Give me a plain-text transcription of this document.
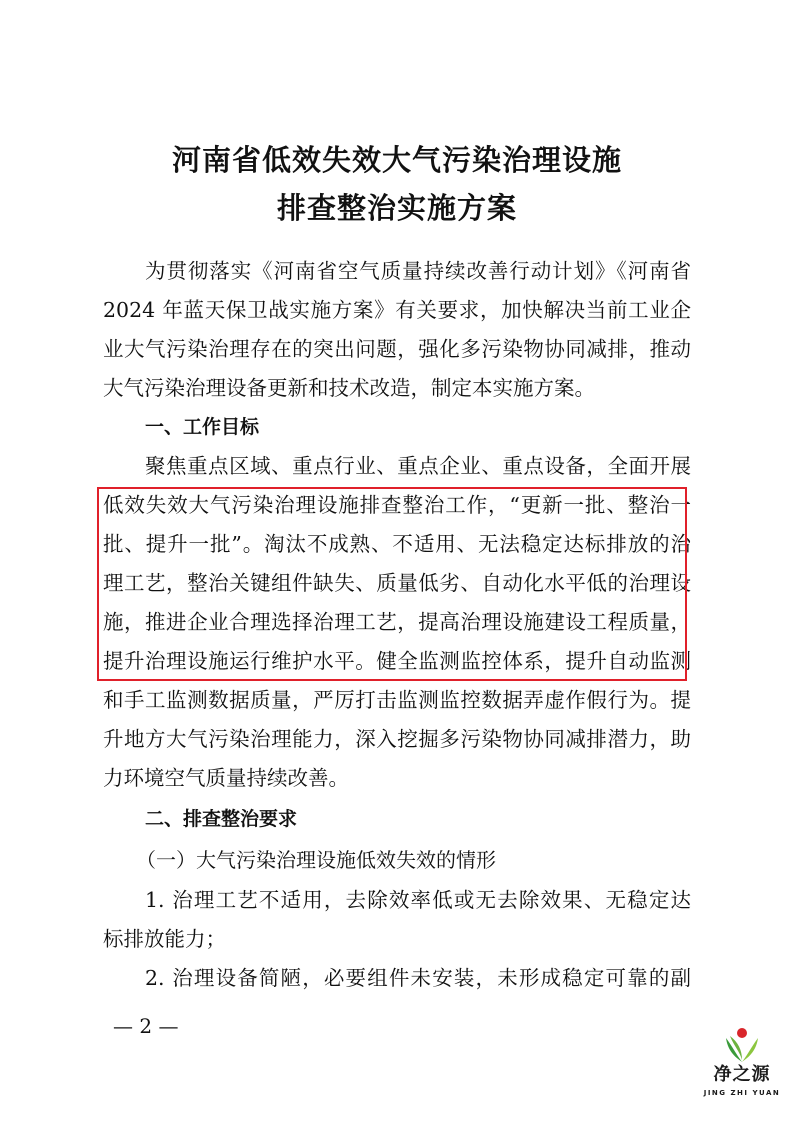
河南省低效失效大气污染治理设施
排查整治实施方案
为贯彻落实《河南省空气质量持续改善行动计划》《河南省
2024 年蓝天保卫战实施方案》有关要求，加快解决当前工业企
业大气污染治理存在的突出问题，强化多污染物协同减排，推动
大气污染治理设备更新和技术改造，制定本实施方案。
一、工作目标
聚焦重点区域、重点行业、重点企业、重点设备，全面开展
低效失效大气污染治理设施排查整治工作，“更新一批、整治一
批、提升一批”。淘汰不成熟、不适用、无法稳定达标排放的治
理工艺，整治关键组件缺失、质量低劣、自动化水平低的治理设
施，推进企业合理选择治理工艺，提高治理设施建设工程质量，
提升治理设施运行维护水平。健全监测监控体系，提升自动监测
和手工监测数据质量，严厉打击监测监控数据弄虚作假行为。提
升地方大气污染治理能力，深入挖掘多污染物协同减排潜力，助
力环境空气质量持续改善。
二、排查整治要求
（一）大气污染治理设施低效失效的情形
1. 治理工艺不适用，去除效率低或无去除效果、无稳定达
标排放能力；
2. 治理设备简陋，必要组件未安装，未形成稳定可靠的副
— 2 —
净之源
JING ZHI YUAN
